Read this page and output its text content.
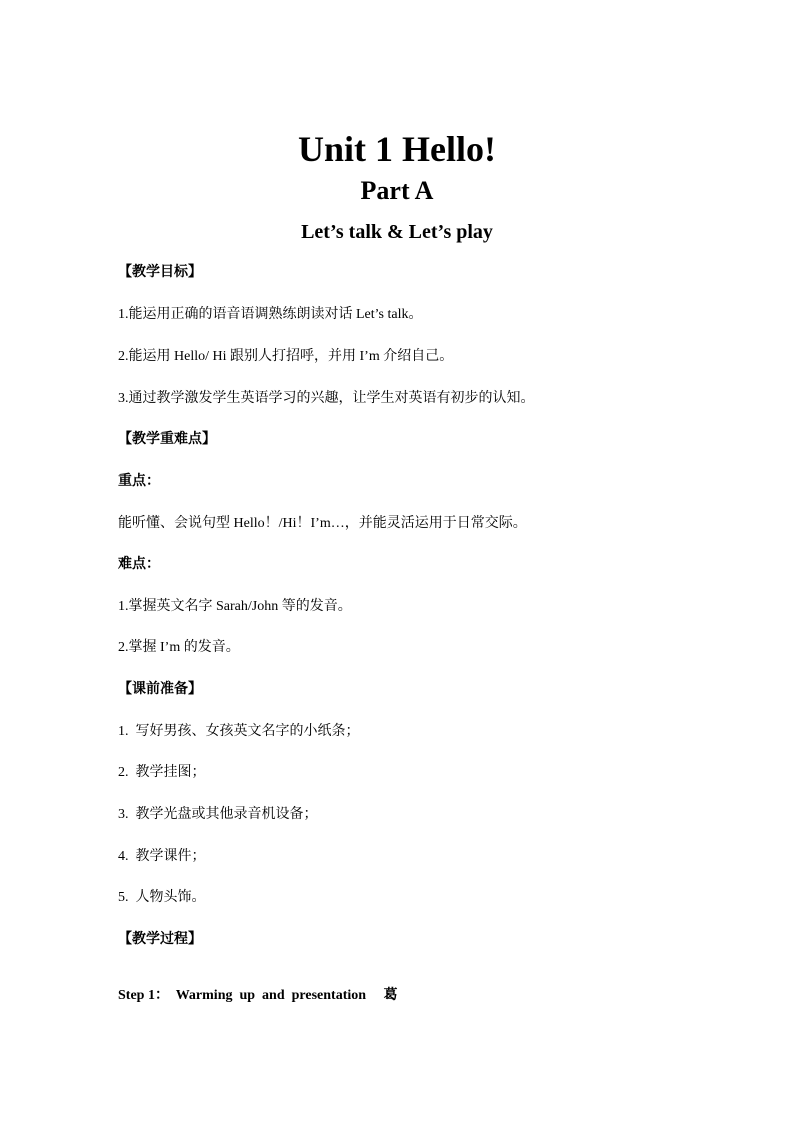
Unit 1 Hello!
Part A
Let’s talk & Let’s play

【教学目标】

1.能运用正确的语音语调熟练朗读对话 Let’s talk。

2.能运用 Hello/ Hi 跟别人打招呼，并用 I’m 介绍自己。

3.通过教学激发学生英语学习的兴趣，让学生对英语有初步的认知。

【教学重难点】

重点：

能听懂、会说句型 Hello！/Hi！I’m…，并能灵活运用于日常交际。

难点：

1.掌握英文名字 Sarah/John 等的发音。

2.掌握 I’m 的发音。

【课前准备】

1.  写好男孩、女孩英文名字的小纸条；

2.  教学挂图；

3.  教学光盘或其他录音机设备；

4.  教学课件；

5.  人物头饰。

【教学过程】

Step 1：  Warming  up  and  presentation     葛
